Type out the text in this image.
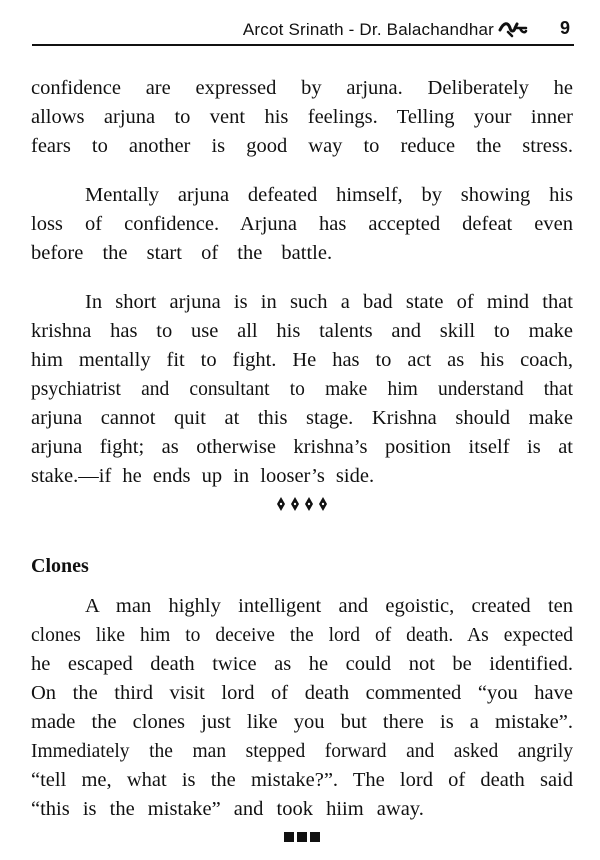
Arcot Srinath - Dr. Balachandhar	9
confidence are expressed by arjuna. Deliberately he
allows arjuna to vent his feelings. Telling your inner
fears to another is good way to reduce the stress.
Mentally arjuna defeated himself, by showing his
loss of confidence. Arjuna has accepted defeat even
before the start of the battle.
In short arjuna is in such a bad state of mind that
krishna has to use all his talents and skill to make
him mentally fit to fight. He has to act as his coach,
psychiatrist and consultant to make him understand that
arjuna cannot quit at this stage. Krishna should make
arjuna fight; as otherwise krishna’s position itself is at
stake.—if he ends up in looser’s side.
Clones
A man highly intelligent and egoistic, created ten
clones like him to deceive the lord of death. As expected
he escaped death twice as he could not be identified.
On the third visit lord of death commented “you have
made the clones just like you but there is a mistake”.
Immediately the man stepped forward and asked angrily
“tell me, what is the mistake?”. The lord of death said
“this is the mistake” and took hiim away.
